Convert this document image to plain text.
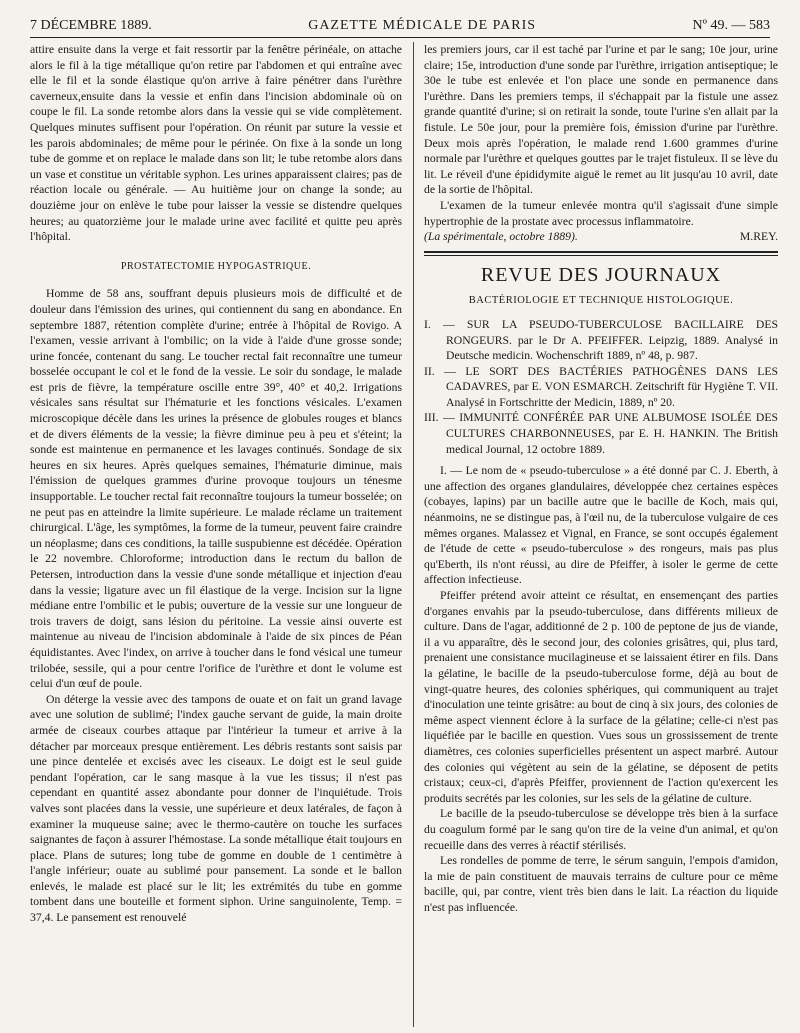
7 DÉCEMBRE 1889.	GAZETTE MÉDICALE DE PARIS	Nº 49. — 583

attire ensuite dans la verge et fait ressortir par la fenêtre périnéale, on attache alors le fil à la tige métallique qu'on retire par l'abdomen et qui entraîne avec elle le fil et la sonde élastique qu'on arrive à faire pénétrer dans l'urèthre caverneux,ensuite dans la vessie et enfin dans l'incision abdominale où on coupe le fil. La sonde retombe alors dans la vessie qui se vide complètement. Quelques minutes suffisent pour l'opération. On réunit par suture la vessie et les parois abdominales; de même pour le périnée. On fixe à la sonde un long tube de gomme et on replace le malade dans son lit; le tube retombe alors dans un vase et constitue un véritable syphon. Les urines apparaissent claires; pas de réaction locale ou générale. — Au huitième jour on change la sonde; au douzième jour on enlève le tube pour laisser la vessie se distendre quelques heures; au quatorzième jour le malade urine avec facilité et quitte peu après l'hôpital.

PROSTATECTOMIE HYPOGASTRIQUE.

Homme de 58 ans, souffrant depuis plusieurs mois de difficulté et de douleur dans l'émission des urines, qui contiennent du sang en abondance. En septembre 1887, rétention complète d'urine; entrée à l'hôpital de Rovigo. A l'examen, vessie arrivant à l'ombilic; on la vide à l'aide d'une grosse sonde; urine foncée, contenant du sang. Le toucher rectal fait reconnaître une tumeur bosselée occupant le col et le fond de la vessie. Le soir du sondage, le malade est pris de fièvre, la température oscille entre 39°, 40° et 40,2. Irrigations vésicales sans résultat sur l'hématurie et les fonctions vésicales. L'examen microscopique décèle dans les urines la présence de globules rouges et blancs et de divers éléments de la vessie; la fièvre diminue peu à peu et s'éteint; la sonde est maintenue en permanence et les lavages continués. Sondage de six heures en six heures. Après quelques semaines, l'hématurie diminue, mais l'émission de quelques grammes d'urine provoque toujours un ténesme insupportable. Le toucher rectal fait reconnaître toujours la tumeur bosselée; on ne peut pas en atteindre la limite supérieure. Le malade réclame un traitement chirurgical. L'âge, les symptômes, la forme de la tumeur, peuvent faire craindre un néoplasme; dans ces conditions, la taille suspubienne est décédée. Opération le 22 novembre. Chloroforme; introduction dans le rectum du ballon de Petersen, introduction dans la vessie d'une sonde métallique et injection d'eau dans la vessie; ligature avec un fil élastique de la verge. Incision sur la ligne médiane entre l'ombilic et le pubis; ouverture de la vessie sur une longueur de trois travers de doigt, sans lésion du péritoine. La vessie ainsi ouverte est maintenue au niveau de l'incision abdominale à l'aide de six pinces de Péan équidistantes. Avec l'index, on arrive à toucher dans le fond vésical une tumeur trilobée, sessile, qui a pour centre l'orifice de l'urèthre et dont le volume est celui d'un œuf de poule.

On déterge la vessie avec des tampons de ouate et on fait un grand lavage avec une solution de sublimé; l'index gauche servant de guide, la main droite armée de ciseaux courbes attaque par l'intérieur la tumeur et arrive à la détacher par morceaux presque entièrement. Les débris restants sont saisis par une pince dentelée et excisés avec les ciseaux. Le doigt est le seul guide pendant l'opération, car le sang masque à la vue les tissus; il n'est pas cependant en quantité assez abondante pour donner de l'inquiétude. Trois valves sont placées dans la vessie, une supérieure et deux latérales, de façon à examiner la muqueuse saine; avec le thermo-cautère on touche les surfaces saignantes de façon à assurer l'hémostase. La sonde métallique était toujours en place. Plans de sutures; long tube de gomme en double de 1 centimètre à l'angle inférieur; ouate au sublimé pour pansement. La sonde et le ballon enlevés, le malade est placé sur le lit; les extrémités du tube en gomme tombent dans une bouteille et forment siphon. Urine sanguinolente, Temp. = 37,4. Le pansement est renouvelé

les premiers jours, car il est taché par l'urine et par le sang; 10e jour, urine claire; 15e, introduction d'une sonde par l'urèthre, irrigation antiseptique; le 30e le tube est enlevée et l'on place une sonde en permanence dans l'urèthre. Dans les premiers temps, il s'échappait par la fistule une assez grande quantité d'urine; si on retirait la sonde, toute l'urine s'en allait par la fistule. Le 50e jour, pour la première fois, émission d'urine par l'urèthre. Deux mois après l'opération, le malade rend 1.600 grammes d'urine normale par l'urèthre et quelques gouttes par le trajet fistuleux. Il se lève du lit. Le réveil d'une épididymite aiguë le remet au lit jusqu'au 10 avril, date de la sortie de l'hôpital.

L'examen de la tumeur enlevée montra qu'il s'agissait d'une simple hypertrophie de la prostate avec processus inflammatoire.

(La spérimentale, octobre 1889).	M.REY.
REVUE DES JOURNAUX
BACTÉRIOLOGIE ET TECHNIQUE HISTOLOGIQUE.

I. — SUR LA PSEUDO-TUBERCULOSE BACILLAIRE DES RONGEURS. par le Dr A. PFEIFFER. Leipzig, 1889. Analysé in Deutsche medicin. Wochenschrift 1889, nº 48, p. 987.

II. — LE SORT DES BACTÉRIES PATHOGÈNES DANS LES CADAVRES, par E. VON ESMARCH. Zeitschrift für Hygiène T. VII. Analysé in Fortschritte der Medicin, 1889, nº 20.

III. — IMMUNITÉ CONFÉRÉE PAR UNE ALBUMOSE ISOLÉE DES CULTURES CHARBONNEUSES, par E. H. HANKIN. The British medical Journal, 12 octobre 1889.

I. — Le nom de « pseudo-tuberculose » a été donné par C. J. Eberth, à une affection des organes glandulaires, développée chez certaines espèces (cobayes, lapins) par un bacille autre que le bacille de Koch, mais qui, néanmoins, ne se distingue pas, à l'œil nu, de la tuberculose vulgaire de ces mêmes organes. Malassez et Vignal, en France, se sont occupés également de l'étude de cette « pseudo-tuberculose » des rongeurs, mais pas plus qu'Eberth, ils n'ont réussi, au dire de Pfeiffer, à isoler le germe de cette affection infectieuse.

Pfeiffer prétend avoir atteint ce résultat, en ensemençant des parties d'organes envahis par la pseudo-tuberculose, dans différents milieux de culture. Dans de l'agar, additionné de 2 p. 100 de peptone de jus de viande, il a vu apparaître, dès le second jour, des colonies grisâtres, qui, plus tard, prenaient une consistance mucilagineuse et se laissaient étirer en fils. Dans la gélatine, le bacille de la pseudo-tuberculose forme, déjà au bout de vingt-quatre heures, des colonies sphériques, qui communiquent au trajet d'inoculation une teinte grisâtre: au bout de cinq à six jours, des colonies de même aspect viennent éclore à la surface de la gélatine; celle-ci n'est pas liquéfiée par le bacille en question. Vues sous un grossissement de trente diamètres, ces colonies superficielles présentent un aspect marbré. Autour des colonies qui végètent au sein de la gélatine, se déposent de petits cristaux; ceux-ci, d'après Pfeiffer, proviennent de l'action qu'exercent les produits secrétés par les colonies, sur les sels de la gélatine de culture.

Le bacille de la pseudo-tuberculose se développe très bien à la surface du coagulum formé par le sang qu'on tire de la veine d'un animal, et qu'on recueille dans des verres à réactif stérilisés.

Les rondelles de pomme de terre, le sérum sanguin, l'empois d'amidon, la mie de pain constituent de mauvais terrains de culture pour ce même bacille, qui, par contre, vient très bien dans le lait. La réaction du liquide n'est pas influencée.
